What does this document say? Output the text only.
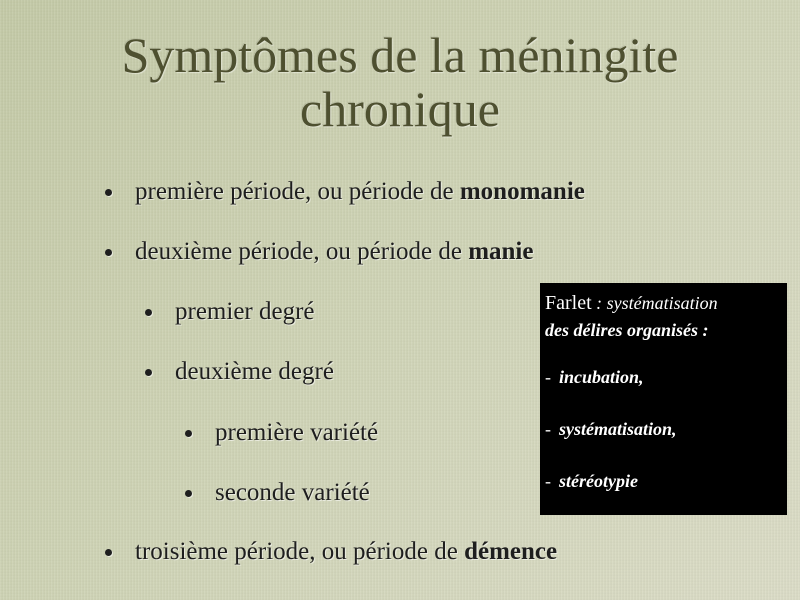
Symptômes de la méningite
chronique
première période, ou période de monomanie
deuxième période, ou période de manie
premier degré
deuxième degré
première variété
seconde variété
troisième période, ou période de démence
Farlet : systématisation
des délires organisés :
- incubation,
- systématisation,
- stéréotypie
